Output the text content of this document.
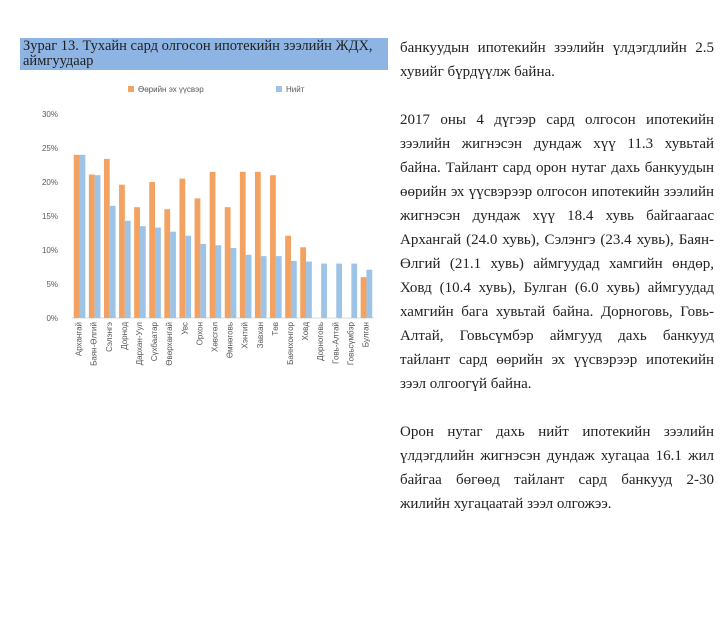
Зураг 13. Тухайн сард олгосон ипотекийн зээлийн ЖДХ, аймгуудаар
Өөрийн эх үүсвэр	Нийт
0%
5%
10%
15%
20%
25%
30%
Архангай Баян-Өлгий Сэлэнгэ Дорнод Дархан-Уул Сүхбаатар Өвөрхангай Увс Орхон Хөвсгөл Өмнөговь Хэнтий Завхан Төв Баянхонгор Ховд Дорноговь Говь-Алтай Говьсүмбэр Булган

банкуудын ипотекийн зээлийн үлдэгдлийн 2.5 хувийг бүрдүүлж байна.

2017 оны 4 дүгээр сард олгосон ипотекийн зээлийн жигнэсэн дундаж хүү 11.3 хувьтай байна. Тайлант сард орон нутаг дахь банкуудын өөрийн эх үүсвэрээр олгосон ипотекийн зээлийн жигнэсэн дундаж хүү 18.4 хувь байгаагаас Архангай (24.0 хувь), Сэлэнгэ (23.4 хувь), Баян-Өлгий (21.1 хувь) аймгуудад хамгийн өндөр, Ховд (10.4 хувь), Булган (6.0 хувь) аймгуудад хамгийн бага хувьтай байна. Дорноговь, Говь-Алтай, Говьсүмбэр аймгууд дахь банкууд тайлант сард өөрийн эх үүсвэрээр ипотекийн зээл олгоогүй байна.

Орон нутаг дахь нийт ипотекийн зээлийн үлдэгдлийн жигнэсэн дундаж хугацаа 16.1 жил байгаа бөгөөд тайлант сард банкууд 2-30 жилийн хугацаатай зээл олгожээ.
